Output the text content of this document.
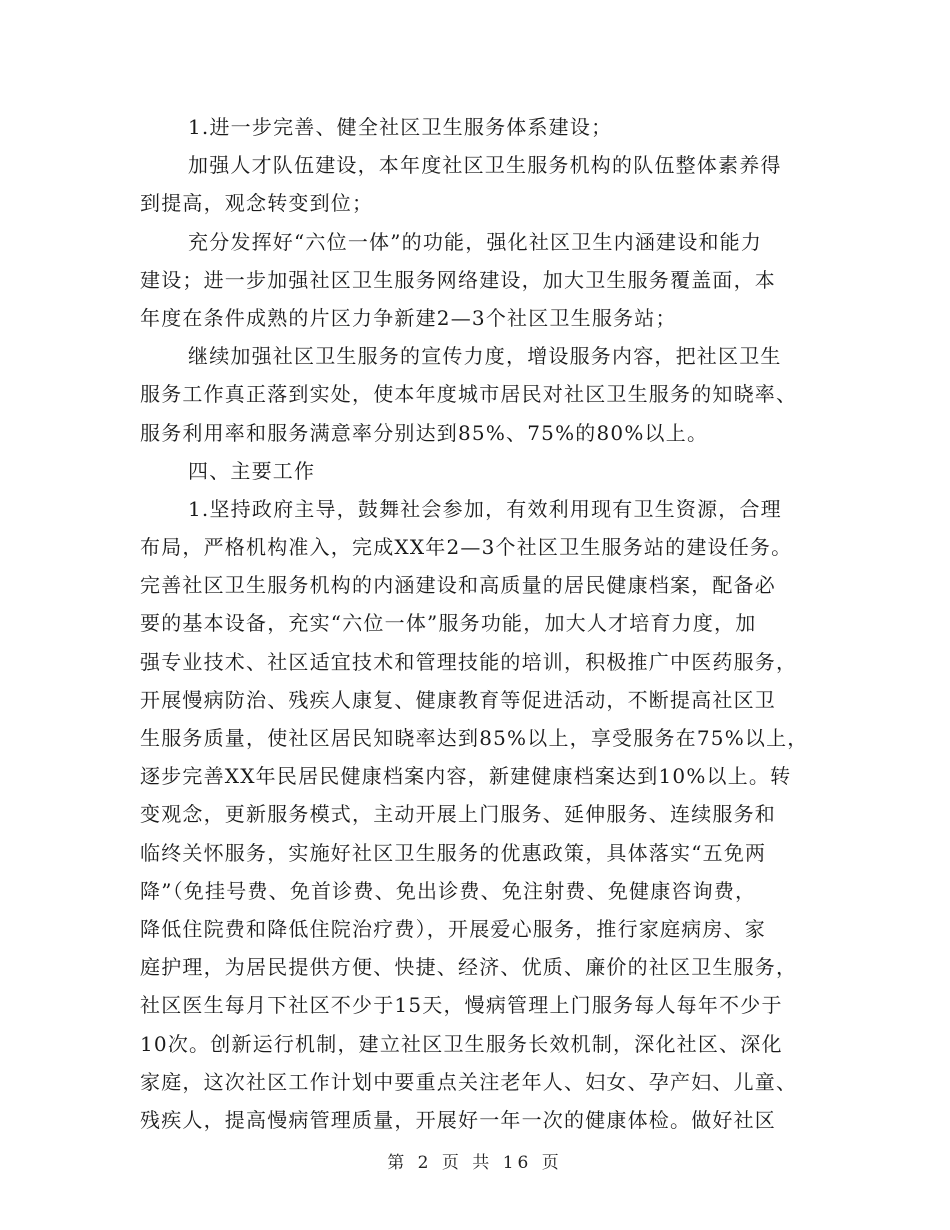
1.进一步完善、健全社区卫生服务体系建设；
加强人才队伍建设，本年度社区卫生服务机构的队伍整体素养得
到提高，观念转变到位；
充分发挥好“六位一体”的功能，强化社区卫生内涵建设和能力
建设；进一步加强社区卫生服务网络建设，加大卫生服务覆盖面，本
年度在条件成熟的片区力争新建2—3个社区卫生服务站；
继续加强社区卫生服务的宣传力度，增设服务内容，把社区卫生
服务工作真正落到实处，使本年度城市居民对社区卫生服务的知晓率、
服务利用率和服务满意率分别达到85%、75%的80%以上。
四、主要工作
1.坚持政府主导，鼓舞社会参加，有效利用现有卫生资源，合理
布局，严格机构准入，完成XX年2—3个社区卫生服务站的建设任务。
完善社区卫生服务机构的内涵建设和高质量的居民健康档案，配备必
要的基本设备，充实“六位一体”服务功能，加大人才培育力度，加
强专业技术、社区适宜技术和管理技能的培训，积极推广中医药服务，
开展慢病防治、残疾人康复、健康教育等促进活动，不断提高社区卫
生服务质量，使社区居民知晓率达到85%以上，享受服务在75%以上，
逐步完善XX年民居民健康档案内容，新建健康档案达到10%以上。转
变观念，更新服务模式，主动开展上门服务、延伸服务、连续服务和
临终关怀服务，实施好社区卫生服务的优惠政策，具体落实“五免两
降”（免挂号费、免首诊费、免出诊费、免注射费、免健康咨询费，
降低住院费和降低住院治疗费），开展爱心服务，推行家庭病房、家
庭护理，为居民提供方便、快捷、经济、优质、廉价的社区卫生服务，
社区医生每月下社区不少于15天，慢病管理上门服务每人每年不少于
10次。创新运行机制，建立社区卫生服务长效机制，深化社区、深化
家庭，这次社区工作计划中要重点关注老年人、妇女、孕产妇、儿童、
残疾人，提高慢病管理质量，开展好一年一次的健康体检。做好社区
第 2 页 共 16 页
